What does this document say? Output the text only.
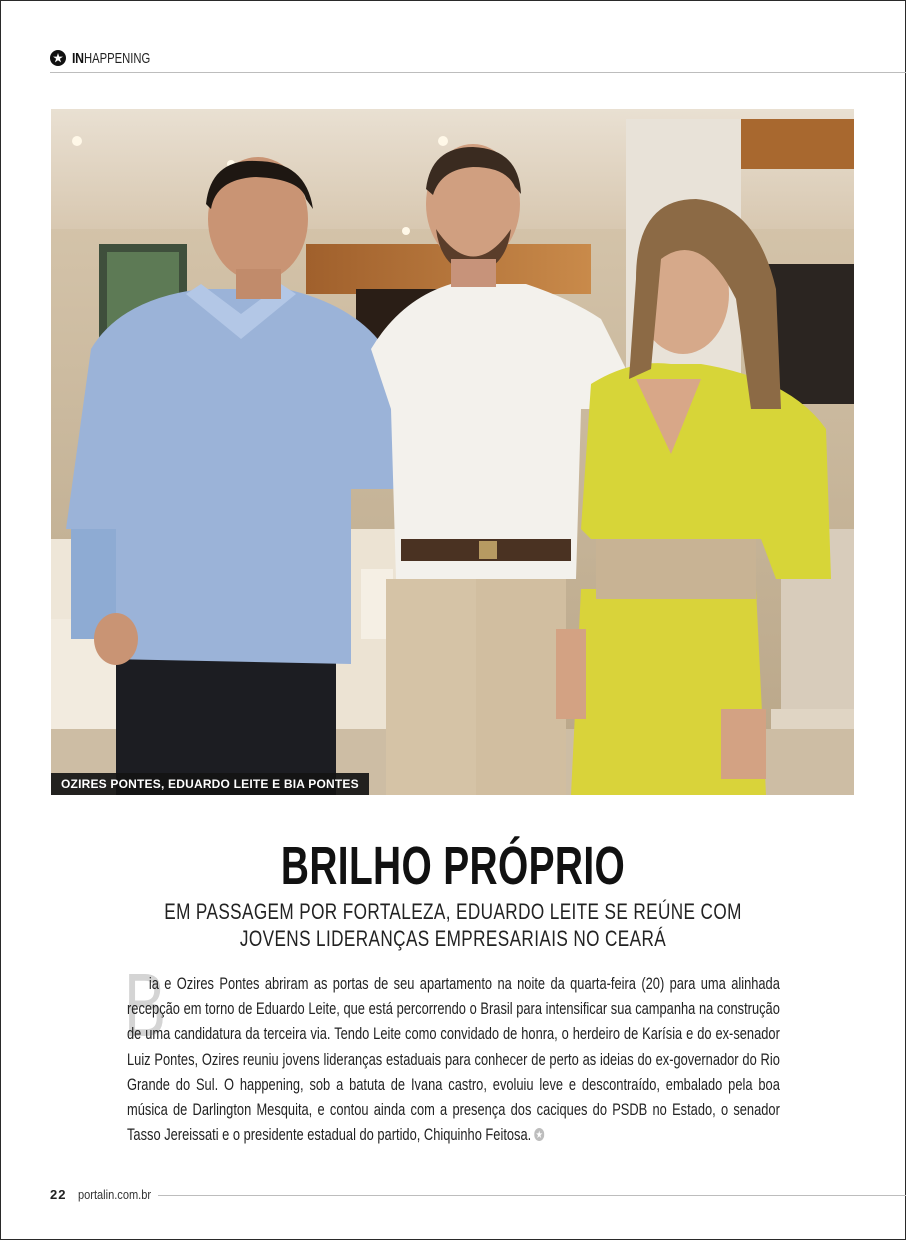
IN HAPPENING
OZIRES PONTES, EDUARDO LEITE E BIA PONTES
BRILHO PRÓPRIO
EM PASSAGEM POR FORTALEZA, EDUARDO LEITE SE REÚNE COM
JOVENS LIDERANÇAS EMPRESARIAIS NO CEARÁ
B

ia e Ozires Pontes abriram as portas de seu apartamento na noite da quarta-feira (20) para uma alinhada recepção em torno de Eduardo Leite, que está percorrendo o Brasil para intensificar sua campanha na construção de uma candidatura da terceira via. Tendo Leite como convidado de honra, o herdeiro de Karísia e do ex-senador Luiz Pontes, Ozires reuniu jovens lideranças estaduais para conhecer de perto as ideias do ex-governador do Rio Grande do Sul. O happening, sob a batuta de Ivana castro, evoluiu leve e descontraído, embalado pela boa música de Darlington Mesquita, e contou ainda com a presença dos caciques do PSDB no Estado, o senador Tasso Jereissati e o presidente estadual do partido, Chiquinho Feitosa.

22 portalin.com.br
